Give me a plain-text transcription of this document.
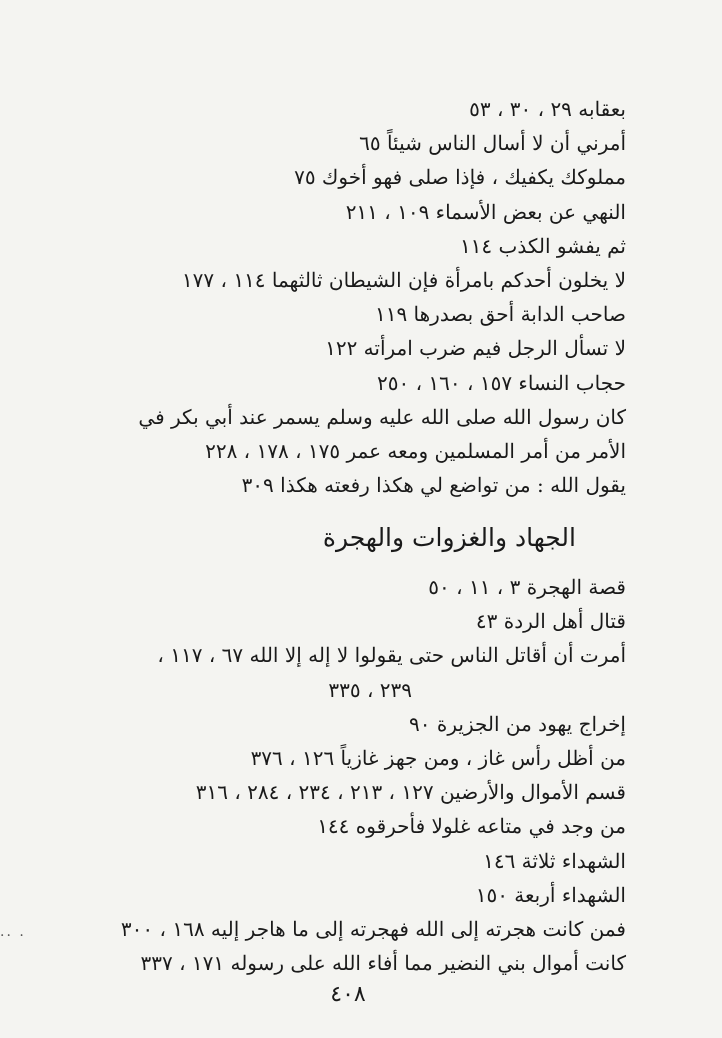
بعقابه ٢٩ ، ٣٠ ، ٥٣
أمرني أن لا أسال الناس شيئاً ٦٥
مملوكك يكفيك ، فإذا صلى فهو أخوك ٧٥
النهي عن بعض الأسماء ١٠٩ ، ٢١١
ثم يفشو الكذب ١١٤
لا يخلون أحدكم بامرأة فإن الشيطان ثالثهما ١١٤ ، ١٧٧
صاحب الدابة أحق بصدرها ١١٩
لا تسأل الرجل فيم ضرب امرأته ١٢٢
حجاب النساء ١٥٧ ، ١٦٠ ، ٢٥٠
كان رسول الله صلى الله عليه وسلم يسمر عند أبي بكر في
الأمر من أمر المسلمين ومعه عمر ١٧٥ ، ١٧٨ ، ٢٢٨
يقول الله : من تواضع لي هكذا رفعته هكذا ٣٠٩
الجهاد والغزوات والهجرة
قصة الهجرة ٣ ، ١١ ، ٥٠
قتال أهل الردة ٤٣
أمرت أن أقاتل الناس حتى يقولوا لا إله إلا الله ٦٧ ، ١١٧ ،
٢٣٩ ، ٣٣٥
إخراج يهود من الجزيرة ٩٠
من أظل رأس غاز ، ومن جهز غازياً ١٢٦ ، ٣٧٦
قسم الأموال والأرضين ١٢٧ ، ٢١٣ ، ٢٣٤ ، ٢٨٤ ، ٣١٦
من وجد في متاعه غلولا فأحرقوه ١٤٤
الشهداء ثلاثة ١٤٦
الشهداء أربعة ١٥٠
فمن كانت هجرته إلى الله فهجرته إلى ما هاجر إليه ١٦٨ ، ٣٠٠
كانت أموال بني النضير مما أفاء الله على رسوله ١٧١ ، ٣٣٧
·· ·
٤٠٨
